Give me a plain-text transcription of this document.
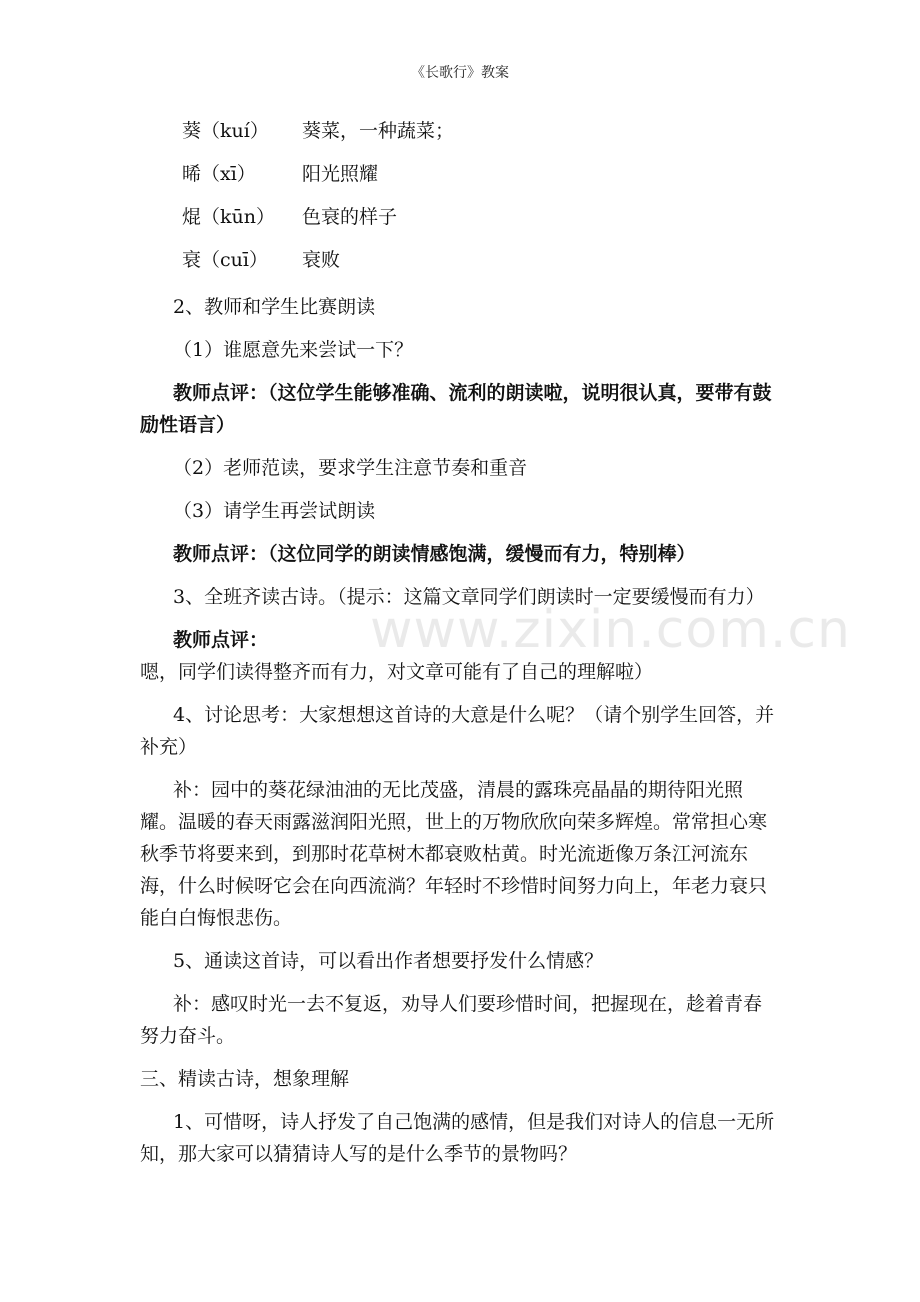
《长歌行》教案
www.zixin.com.cn
葵（kuí）	葵菜，一种蔬菜；
晞（xī）	阳光照耀
焜（kūn）	色衰的样子
衰（cuī）	衰败

2、教师和学生比赛朗读

（1）谁愿意先来尝试一下？

教师点评：（这位学生能够准确、流利的朗读啦，说明很认真，要带有鼓励性语言）

（2）老师范读，要求学生注意节奏和重音

（3）请学生再尝试朗读

教师点评：（这位同学的朗读情感饱满，缓慢而有力，特别棒）

3、全班齐读古诗。（提示：这篇文章同学们朗读时一定要缓慢而有力）

教师点评：嗯，同学们读得整齐而有力，对文章可能有了自己的理解啦）

4、讨论思考：大家想想这首诗的大意是什么呢？（请个别学生回答，并补充）

补：园中的葵花绿油油的无比茂盛，清晨的露珠亮晶晶的期待阳光照耀。温暖的春天雨露滋润阳光照，世上的万物欣欣向荣多辉煌。常常担心寒秋季节将要来到，到那时花草树木都衰败枯黄。时光流逝像万条江河流东海，什么时候呀它会在向西流淌？年轻时不珍惜时间努力向上，年老力衰只能白白悔恨悲伤。

5、通读这首诗，可以看出作者想要抒发什么情感？

补：感叹时光一去不复返，劝导人们要珍惜时间，把握现在，趁着青春努力奋斗。

三、精读古诗，想象理解

1、可惜呀，诗人抒发了自己饱满的感情，但是我们对诗人的信息一无所知，那大家可以猜猜诗人写的是什么季节的景物吗？
